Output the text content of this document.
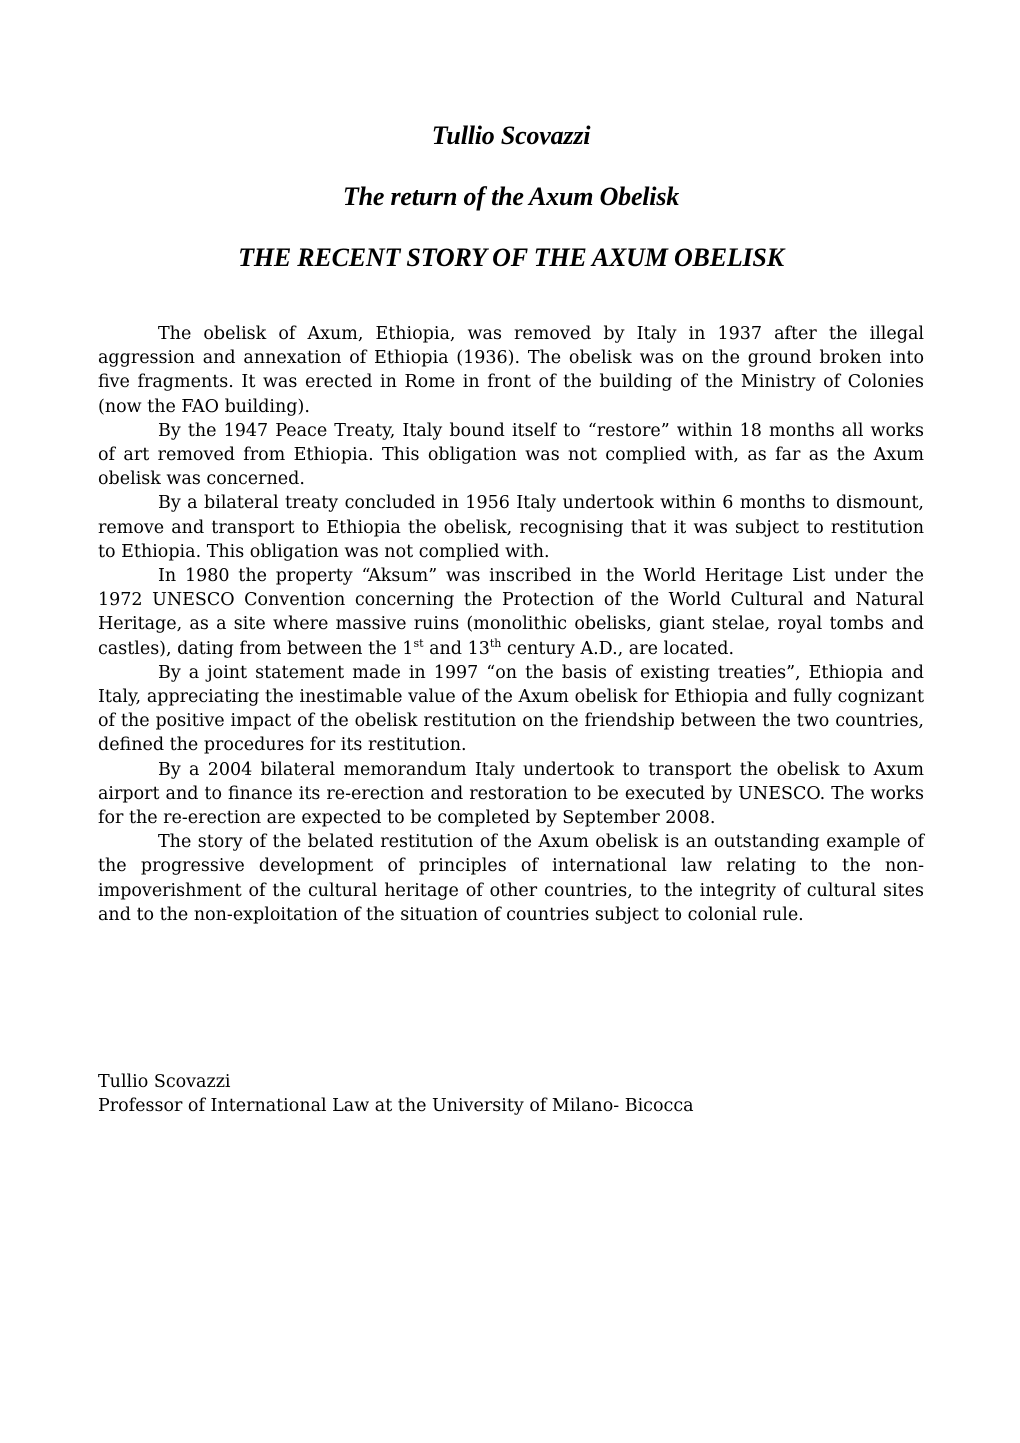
Tullio Scovazzi
The return of the Axum Obelisk
THE RECENT STORY OF THE AXUM OBELISK

The obelisk of Axum, Ethiopia, was removed by Italy in 1937 after the illegal aggression and annexation of Ethiopia (1936). The obelisk was on the ground broken into five fragments. It was erected in Rome in front of the building of the Ministry of Colonies (now the FAO building).

By the 1947 Peace Treaty, Italy bound itself to “restore” within 18 months all works of art removed from Ethiopia. This obligation was not complied with, as far as the Axum obelisk was concerned.

By a bilateral treaty concluded in 1956 Italy undertook within 6 months to dismount, remove and transport to Ethiopia the obelisk, recognising that it was subject to restitution to Ethiopia. This obligation was not complied with.

In 1980 the property “Aksum” was inscribed in the World Heritage List under the 1972 UNESCO Convention concerning the Protection of the World Cultural and Natural Heritage, as a site where massive ruins (monolithic obelisks, giant stelae, royal tombs and castles), dating from between the 1st and 13th century A.D., are located.

By a joint statement made in 1997 “on the basis of existing treaties”, Ethiopia and Italy, appreciating the inestimable value of the Axum obelisk for Ethiopia and fully cognizant of the positive impact of the obelisk restitution on the friendship between the two countries, defined the procedures for its restitution.

By a 2004 bilateral memorandum Italy undertook to transport the obelisk to Axum airport and to finance its re-erection and restoration to be executed by UNESCO. The works for the re-erection are expected to be completed by September 2008.

The story of the belated restitution of the Axum obelisk is an outstanding example of the progressive development of principles of international law relating to the non-impoverishment of the cultural heritage of other countries, to the integrity of cultural sites and to the non-exploitation of the situation of countries subject to colonial rule.

Tullio Scovazzi
Professor of International Law at the University of Milano- Bicocca
